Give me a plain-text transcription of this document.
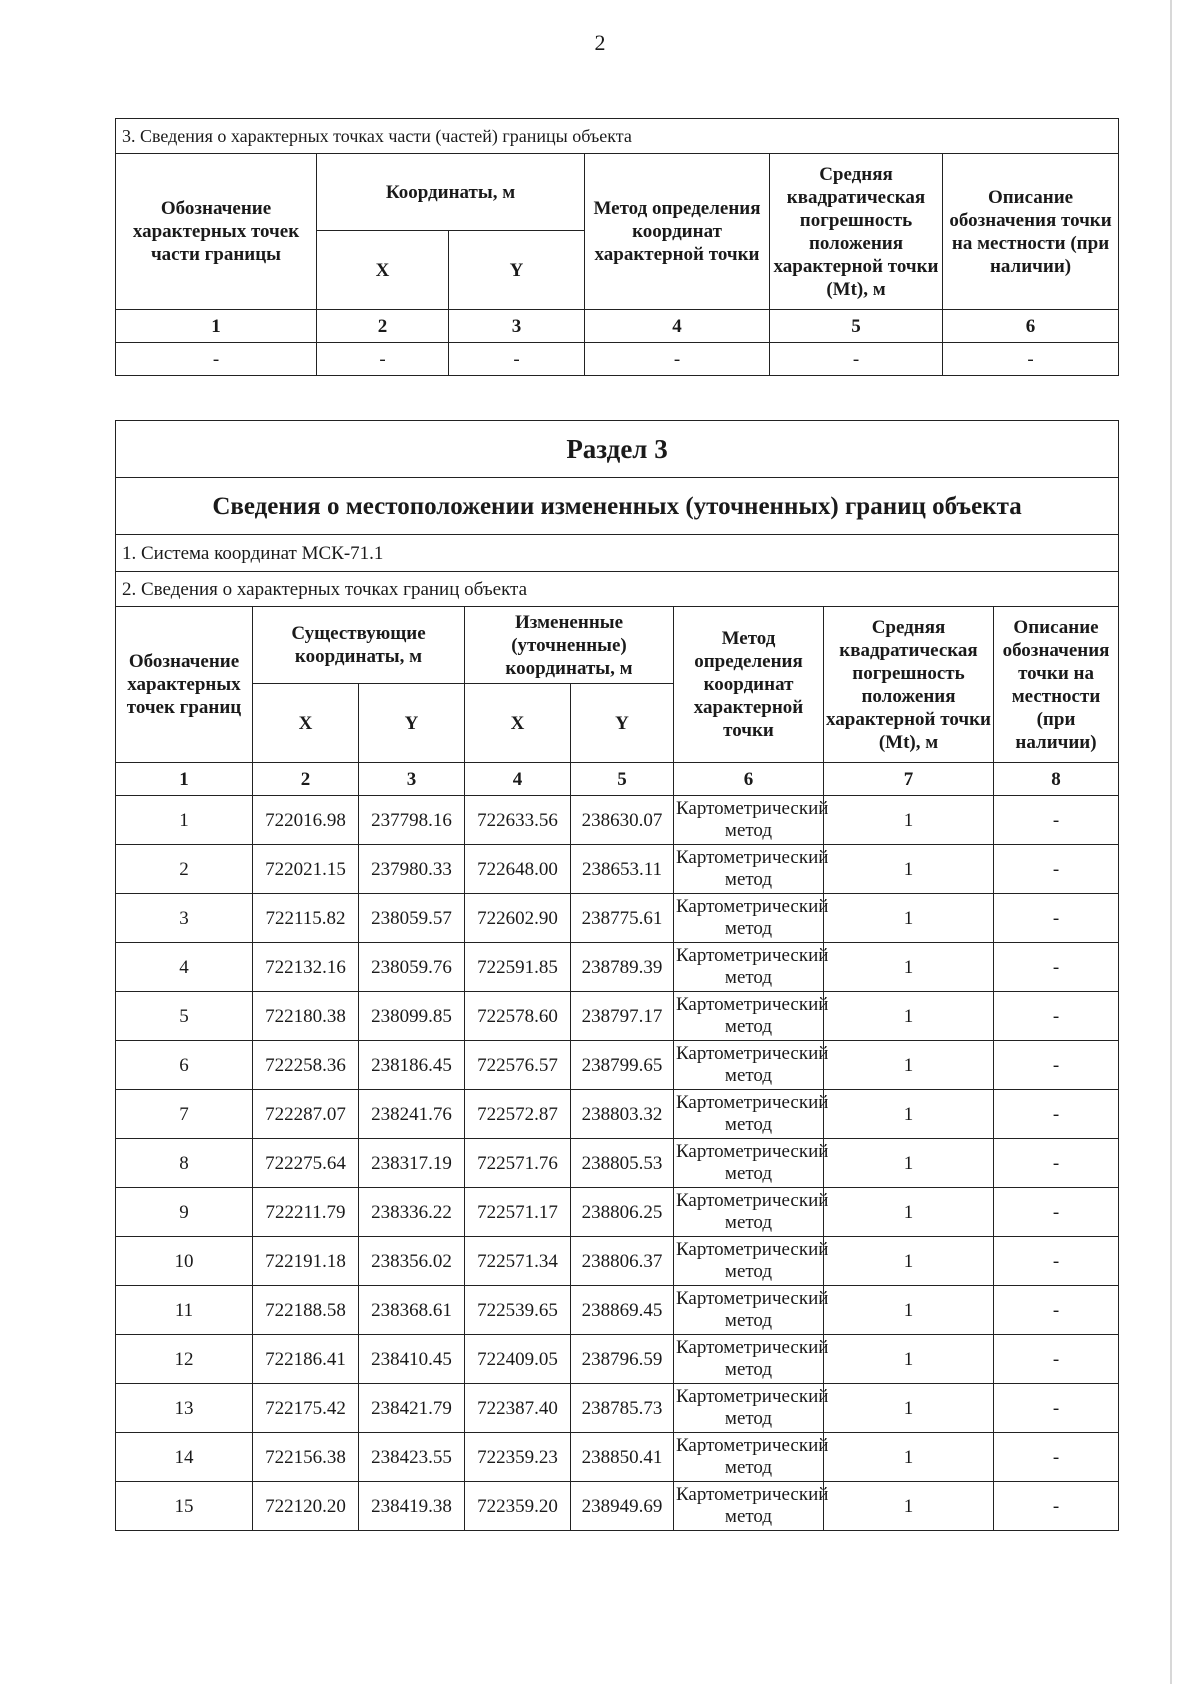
2
3. Сведения о характерных точках части (частей) границы объекта					
Обозначение характерных точек части границы	Координаты, м		Метод определения координат характерной точки	Средняя квадратическая погрешность положения характерной точки (Mt), м	Описание обозначения точки на местности (при наличии)
	X	Y			
1	2	3	4	5	6
-	-	-	-	-	-
Раздел 3							
Сведения о местоположении измененных (уточненных) границ объекта							
1. Система координат МСК-71.1							
2. Сведения о характерных точках границ объекта							
Обозначение характерных точек границ	Существующие координаты, м		Измененные (уточненные) координаты, м		Метод определения координат характерной точки	Средняя квадратическая погрешность положения характерной точки (Mt), м	Описание обозначения точки на местности (при наличии)
	X	Y	X	Y			
1	2	3	4	5	6	7	8
1	722016.98	237798.16	722633.56	238630.07	Картометрический метод	1	-
2	722021.15	237980.33	722648.00	238653.11	Картометрический метод	1	-
3	722115.82	238059.57	722602.90	238775.61	Картометрический метод	1	-
4	722132.16	238059.76	722591.85	238789.39	Картометрический метод	1	-
5	722180.38	238099.85	722578.60	238797.17	Картометрический метод	1	-
6	722258.36	238186.45	722576.57	238799.65	Картометрический метод	1	-
7	722287.07	238241.76	722572.87	238803.32	Картометрический метод	1	-
8	722275.64	238317.19	722571.76	238805.53	Картометрический метод	1	-
9	722211.79	238336.22	722571.17	238806.25	Картометрический метод	1	-
10	722191.18	238356.02	722571.34	238806.37	Картометрический метод	1	-
11	722188.58	238368.61	722539.65	238869.45	Картометрический метод	1	-
12	722186.41	238410.45	722409.05	238796.59	Картометрический метод	1	-
13	722175.42	238421.79	722387.40	238785.73	Картометрический метод	1	-
14	722156.38	238423.55	722359.23	238850.41	Картометрический метод	1	-
15	722120.20	238419.38	722359.20	238949.69	Картометрический метод	1	-
